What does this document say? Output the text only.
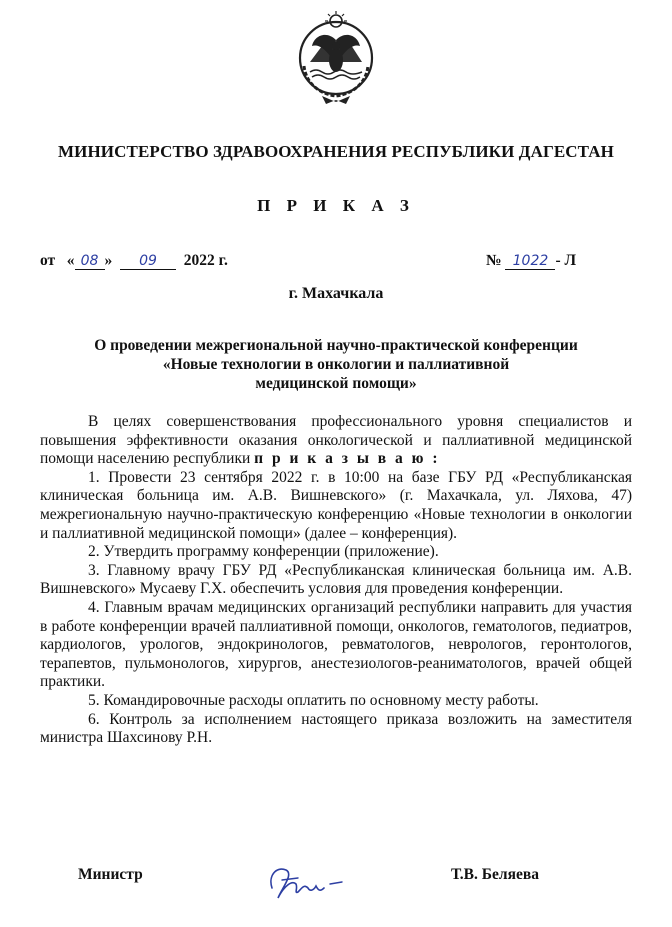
МИНИСТЕРСТВО ЗДРАВООХРАНЕНИЯ РЕСПУБЛИКИ ДАГЕСТАН
П Р И К А З
от « 08 » 09 2022 г.	№ 1022 - Л
г. Махачкала
О проведении межрегиональной научно-практической конференции
«Новые технологии в онкологии и паллиативной
медицинской помощи»

В целях совершенствования профессионального уровня специалистов и повышения эффективности оказания онкологической и паллиативной медицинской помощи населению республики п р и к а з ы в а ю :

1. Провести 23 сентября 2022 г. в 10:00 на базе ГБУ РД «Республиканская клиническая больница им. А.В. Вишневского» (г. Махачкала, ул. Ляхова, 47) межрегиональную научно-практическую конференцию «Новые технологии в онкологии и паллиативной медицинской помощи» (далее – конференция).

2. Утвердить программу конференции (приложение).

3. Главному врачу ГБУ РД «Республиканская клиническая больница им. А.В. Вишневского» Мусаеву Г.Х. обеспечить условия для проведения конференции.

4. Главным врачам медицинских организаций республики направить для участия в работе конференции врачей паллиативной помощи, онкологов, гематологов, педиатров, кардиологов, урологов, эндокринологов, ревматологов, неврологов, геронтологов, терапевтов, пульмонологов, хирургов, анестезиологов-реаниматологов, врачей общей практики.

5. Командировочные расходы оплатить по основному месту работы.

6. Контроль за исполнением настоящего приказа возложить на заместителя министра Шахсинову Р.Н.

Министр	Т.В. Беляева
